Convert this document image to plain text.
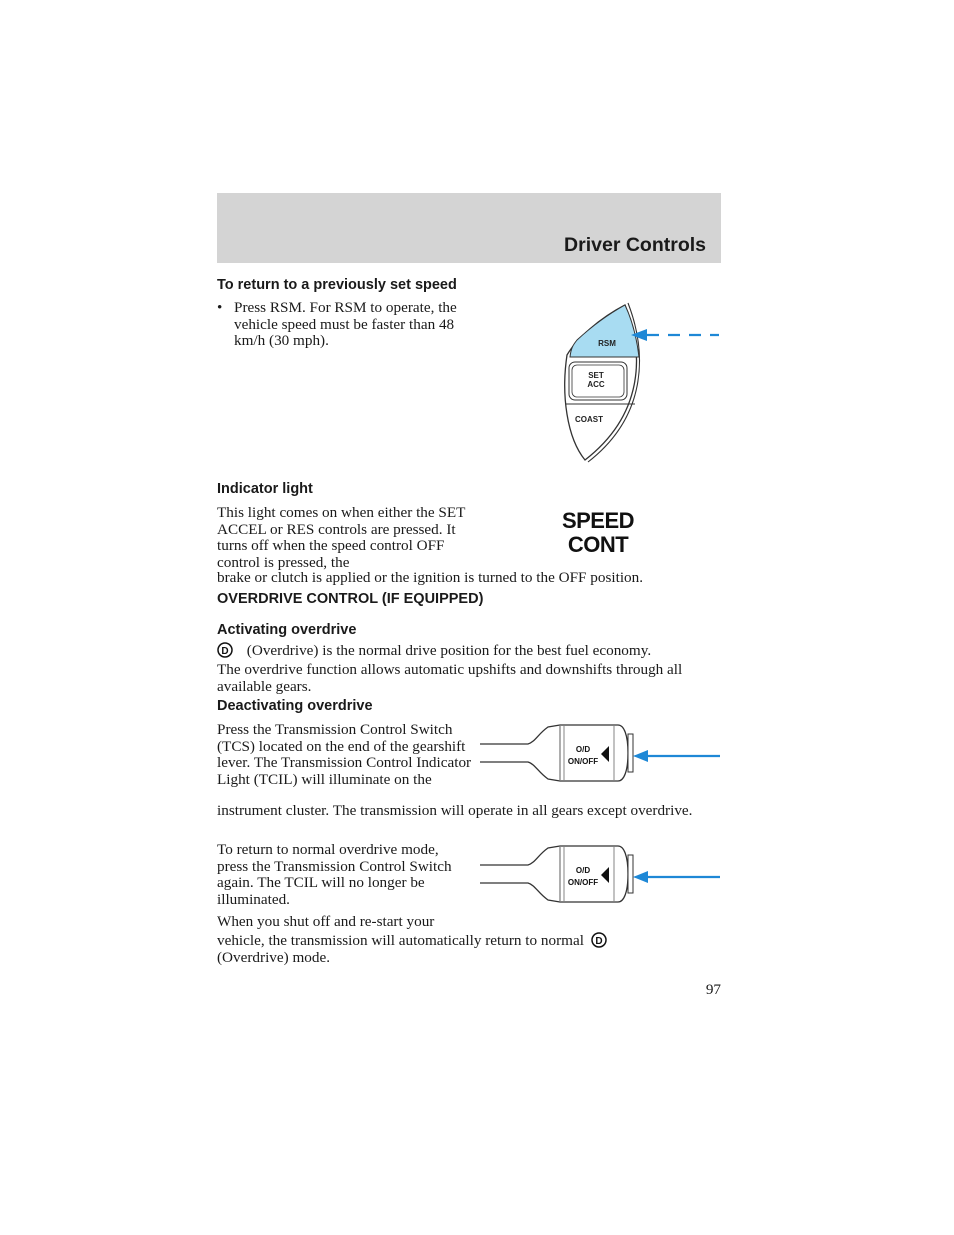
Driver Controls
To return to a previously set speed
• Press RSM. For RSM to operate, the vehicle speed must be faster than 48 km/h (30 mph).	RSM
SET
ACC
COAST
Indicator light
This light comes on when either the SET ACCEL or RES controls are pressed. It turns off when the speed control OFF control is pressed, the
brake or clutch is applied or the ignition is turned to the OFF position.
SPEED
CONT
OVERDRIVE CONTROL (IF EQUIPPED)
Activating overdrive
D (Overdrive) is the normal drive position for the best fuel economy.
The overdrive function allows automatic upshifts and downshifts through all available gears.
Deactivating overdrive
Press the Transmission Control Switch (TCS) located on the end of the gearshift lever. The Transmission Control Indicator Light (TCIL) will illuminate on the
instrument cluster. The transmission will operate in all gears except overdrive.
O/D
ON/OFF
To return to normal overdrive mode, press the Transmission Control Switch again. The TCIL will no longer be illuminated.
O/D
ON/OFF
When you shut off and re-start your
vehicle, the transmission will automatically return to normal D
(Overdrive) mode.
97
